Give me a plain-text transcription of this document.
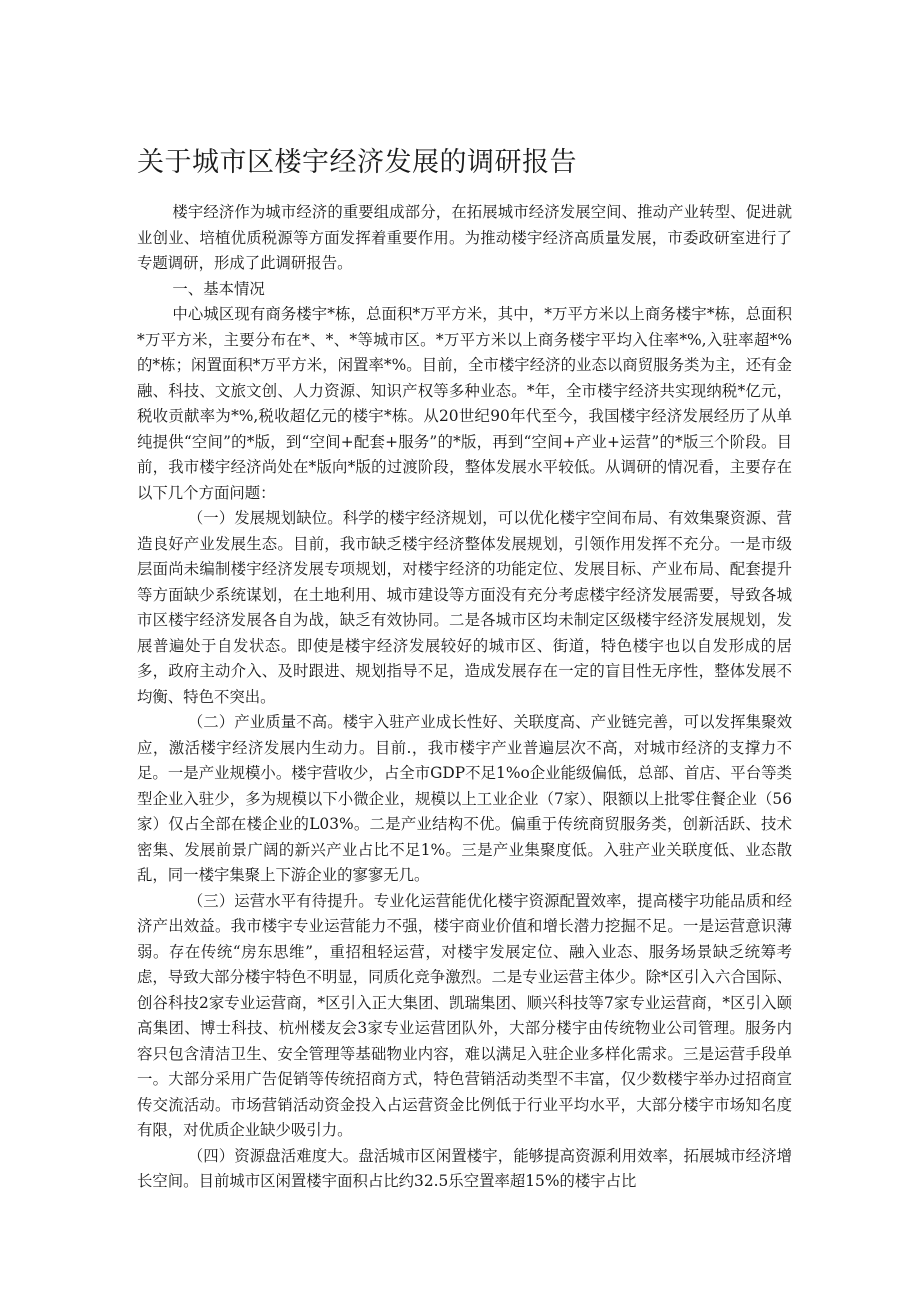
关于城市区楼宇经济发展的调研报告

楼宇经济作为城市经济的重要组成部分，在拓展城市经济发展空间、推动产业转型、促进就业创业、培植优质税源等方面发挥着重要作用。为推动楼宇经济高质量发展，市委政研室进行了专题调研，形成了此调研报告。

一、基本情况

中心城区现有商务楼宇*栋，总面积*万平方米，其中，*万平方米以上商务楼宇*栋，总面积*万平方米，主要分布在*、*、*等城市区。*万平方米以上商务楼宇平均入住率*%,入驻率超*%的*栋；闲置面积*万平方米，闲置率*%。目前，全市楼宇经济的业态以商贸服务类为主，还有金融、科技、文旅文创、人力资源、知识产权等多种业态。*年，全市楼宇经济共实现纳税*亿元，税收贡献率为*%,税收超亿元的楼宇*栋。从20世纪90年代至今，我国楼宇经济发展经历了从单纯提供“空间”的*版，到“空间+配套+服务”的*版，再到“空间+产业+运营”的*版三个阶段。目前，我市楼宇经济尚处在*版向*版的过渡阶段，整体发展水平较低。从调研的情况看，主要存在以下几个方面问题：

（一）发展规划缺位。科学的楼宇经济规划，可以优化楼宇空间布局、有效集聚资源、营造良好产业发展生态。目前，我市缺乏楼宇经济整体发展规划，引领作用发挥不充分。一是市级层面尚未编制楼宇经济发展专项规划，对楼宇经济的功能定位、发展目标、产业布局、配套提升等方面缺少系统谋划，在土地利用、城市建设等方面没有充分考虑楼宇经济发展需要，导致各城市区楼宇经济发展各自为战，缺乏有效协同。二是各城市区均未制定区级楼宇经济发展规划，发展普遍处于自发状态。即使是楼宇经济发展较好的城市区、街道，特色楼宇也以自发形成的居多，政府主动介入、及时跟进、规划指导不足，造成发展存在一定的盲目性无序性，整体发展不均衡、特色不突出。

（二）产业质量不高。楼宇入驻产业成长性好、关联度高、产业链完善，可以发挥集聚效应，激活楼宇经济发展内生动力。目前.，我市楼宇产业普遍层次不高，对城市经济的支撑力不足。一是产业规模小。楼宇营收少，占全市GDP不足1%o企业能级偏低，总部、首店、平台等类型企业入驻少，多为规模以下小微企业，规模以上工业企业（7家）、限额以上批零住餐企业（56家）仅占全部在楼企业的L03%。二是产业结构不优。偏重于传统商贸服务类，创新活跃、技术密集、发展前景广阔的新兴产业占比不足1%。三是产业集聚度低。入驻产业关联度低、业态散乱，同一楼宇集聚上下游企业的寥寥无几。

（三）运营水平有待提升。专业化运营能优化楼宇资源配置效率，提高楼宇功能品质和经济产出效益。我市楼宇专业运营能力不强，楼宇商业价值和增长潜力挖掘不足。一是运营意识薄弱。存在传统“房东思维”，重招租轻运营，对楼宇发展定位、融入业态、服务场景缺乏统筹考虑，导致大部分楼宇特色不明显，同质化竞争激烈。二是专业运营主体少。除*区引入六合国际、创谷科技2家专业运营商，*区引入正大集团、凯瑞集团、顺兴科技等7家专业运营商，*区引入颐高集团、博士科技、杭州楼友会3家专业运营团队外，大部分楼宇由传统物业公司管理。服务内容只包含清洁卫生、安全管理等基础物业内容，难以满足入驻企业多样化需求。三是运营手段单一。大部分采用广告促销等传统招商方式，特色营销活动类型不丰富，仅少数楼宇举办过招商宣传交流活动。市场营销活动资金投入占运营资金比例低于行业平均水平，大部分楼宇市场知名度有限，对优质企业缺少吸引力。

（四）资源盘活难度大。盘活城市区闲置楼宇，能够提高资源利用效率，拓展城市经济增长空间。目前城市区闲置楼宇面积占比约32.5乐空置率超15%的楼宇占比
